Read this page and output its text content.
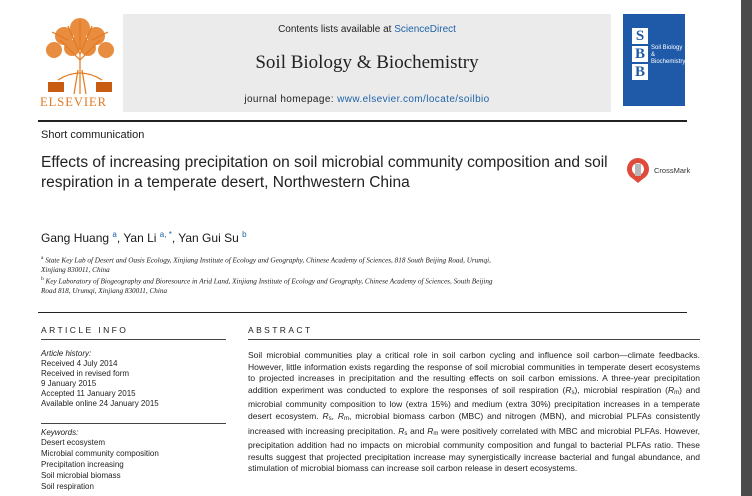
ELSEVIER
Contents lists available at ScienceDirect
Soil Biology & Biochemistry
journal homepage: www.elsevier.com/locate/soilbio
S
B
B
Soil Biology &
Biochemistry
Short communication
Effects of increasing precipitation on soil microbial community composition and soil respiration in a temperate desert, Northwestern China
CrossMark
Gang Huang $^a$, Yan Li $^{a, *}$, Yan Gui Su $^b$
$^a$ State Key Lab of Desert and Oasis Ecology, Xinjiang Institute of Ecology and Geography, Chinese Academy of Sciences, 818 South Beijing Road, Urumqi,
Xinjiang 830011, China
$^b$ Key Laboratory of Biogeography and Bioresource in Arid Land, Xinjiang Institute of Ecology and Geography, Chinese Academy of Sciences, South Beijing
Road 818, Urumqi, Xinjiang 830011, China
ARTICLE INFO
Article history:
Received 4 July 2014
Received in revised form
9 January 2015
Accepted 11 January 2015
Available online 24 January 2015
Keywords:
Desert ecosystem
Microbial community composition
Precipitation increasing
Soil microbial biomass
Soil respiration
ABSTRACT
Soil microbial communities play a critical role in soil carbon cycling and influence soil carbon—climate feedbacks. However, little information exists regarding the response of soil microbial communities in temperate desert ecosystems to projected increases in precipitation and the resulting effects on soil carbon emissions. A three-year precipitation addition experiment was conducted to explore the responses of soil respiration (Rs), microbial respiration (Rm) and microbial community composition to low (extra 15%) and medium (extra 30%) precipitation increases in a temperate desert ecosystem. Rs, Rm, microbial biomass carbon (MBC) and nitrogen (MBN), and microbial PLFAs consistently increased with increasing precipitation. Rs and Rm were positively correlated with MBC and microbial PLFAs. However, precipitation addition had no impacts on microbial community composition and fungal to bacterial PLFAs ratio. These results suggest that projected precipitation increase may synergistically increase bacterial and fungal abundance, and stimulation of microbial biomass can increase soil carbon release in desert ecosystems.
